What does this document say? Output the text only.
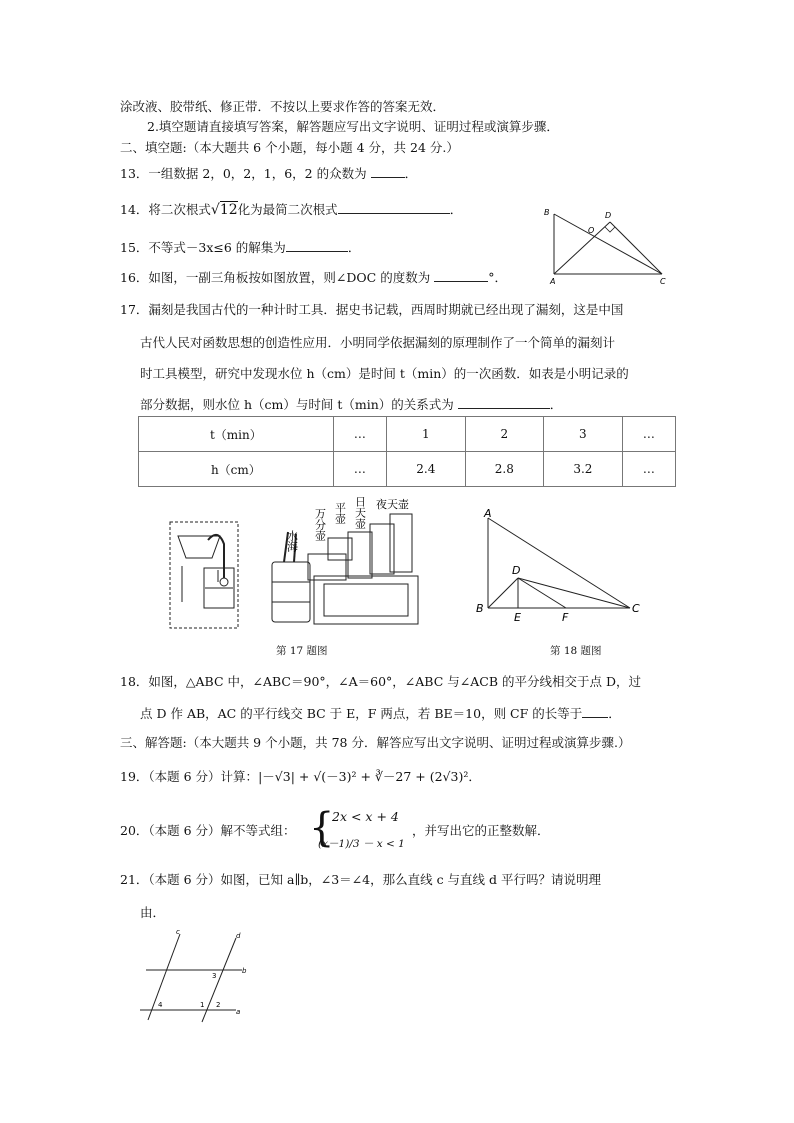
涂改液、胶带纸、修正带．不按以上要求作答的答案无效．
2.填空题请直接填写答案，解答题应写出文字说明、证明过程或演算步骤．
二、填空题:（本大题共 6 个小题，每小题 4 分，共 24 分.）
13．一组数据 2，0，2，1，6，2 的众数为	．
14．将二次根式√12化为最简二次根式	．
15．不等式－3x≤6 的解集为	．
16．如图，一副三角板按如图放置，则∠DOC 的度数为	°．
B	D
O
A	C
17．漏刻是我国古代的一种计时工具．据史书记载，西周时期就已经出现了漏刻，这是中国
古代人民对函数思想的创造性应用．小明同学依据漏刻的原理制作了一个简单的漏刻计
时工具模型，研究中发现水位 h（cm）是时间 t（min）的一次函数．如表是小明记录的
部分数据，则水位 h（cm）与时间 t（min）的关系式为	．
t（min）	…	1	2	3	…
h（cm）	…	2.4	2.8	3.2	…
水海 万分壶 平壶 日天壶 夜天壶
第 17 题图
A
B	C
D
E	F
第 18 题图
18．如图，△ABC 中，∠ABC＝90°，∠A＝60°，∠ABC 与∠ACB 的平分线相交于点 D，过
点 D 作 AB，AC 的平行线交 BC 于 E，F 两点，若 BE＝10，则 CF 的长等于 ．
三、解答题:（本大题共 9 个小题，共 78 分．解答应写出文字说明、证明过程或演算步骤.）
19．（本题 6 分）计算：|－√3| + √(－3)² + ∛－27 + (2√3)²．
20．（本题 6 分）解不等式组： {
2x < x + 4
(x－1)/3 － x < 1
，并写出它的正整数解．
21．（本题 6 分）如图，已知 a∥b，∠3＝∠4，那么直线 c 与直线 d 平行吗？请说明理
由．
c	d
b
a
3
4	1 2
